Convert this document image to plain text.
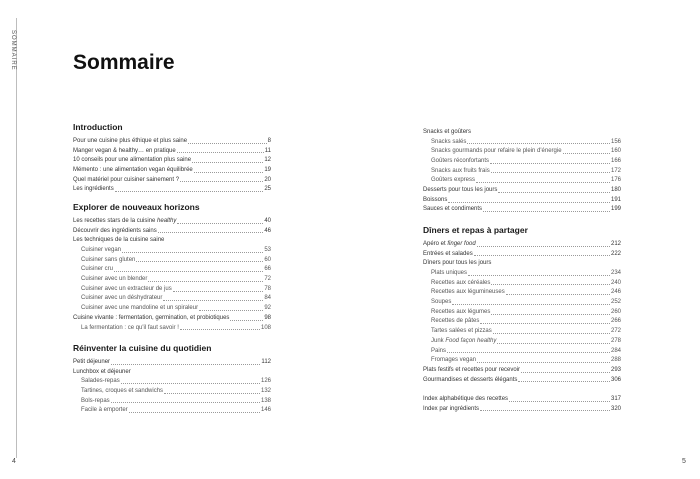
SOMMAIRE	Sommaire
Introduction
Pour une cuisine plus éthique et plus saine	8
Manger vegan & healthy… en pratique	11
10 conseils pour une alimentation plus saine	12
Mémento : une alimentation vegan équilibrée	19
Quel matériel pour cuisiner sainement ?	20
Les ingrédients	25
Explorer de nouveaux horizons
Les recettes stars de la cuisine healthy	40
Découvrir des ingrédients sains	46
Les techniques de la cuisine saine
Cuisiner vegan	53
Cuisiner sans gluten	60
Cuisiner cru	66
Cuisiner avec un blender	72
Cuisiner avec un extracteur de jus	78
Cuisiner avec un déshydrateur	84
Cuisiner avec une mandoline et un spiraleur	92
Cuisine vivante : fermentation, germination, et probiotiques	98
La fermentation : ce qu'il faut savoir !	108
Réinventer la cuisine du quotidien
Petit déjeuner	112
Lunchbox et déjeuner
Salades-repas	126
Tartines, croques et sandwichs	132
Bols-repas	138
Facile à emporter	146
4
Snacks et goûters
Snacks salés	156
Snacks gourmands pour refaire le plein d'énergie	160
Goûters réconfortants	166
Snacks aux fruits frais	172
Goûters express	176
Desserts pour tous les jours	180
Boissons	191
Sauces et condiments	199
Dîners et repas à partager
Apéro et finger food	212
Entrées et salades	222
Dîners pour tous les jours
Plats uniques	234
Recettes aux céréales	240
Recettes aux légumineuses	246
Soupes	252
Recettes aux légumes	260
Recettes de pâtes	266
Tartes salées et pizzas	272
Junk Food façon healthy	278
Pains	284
Fromages vegan	288
Plats festifs et recettes pour recevoir	293
Gourmandises et desserts élégants	306
Index alphabétique des recettes	317
Index par ingrédients	320
5
